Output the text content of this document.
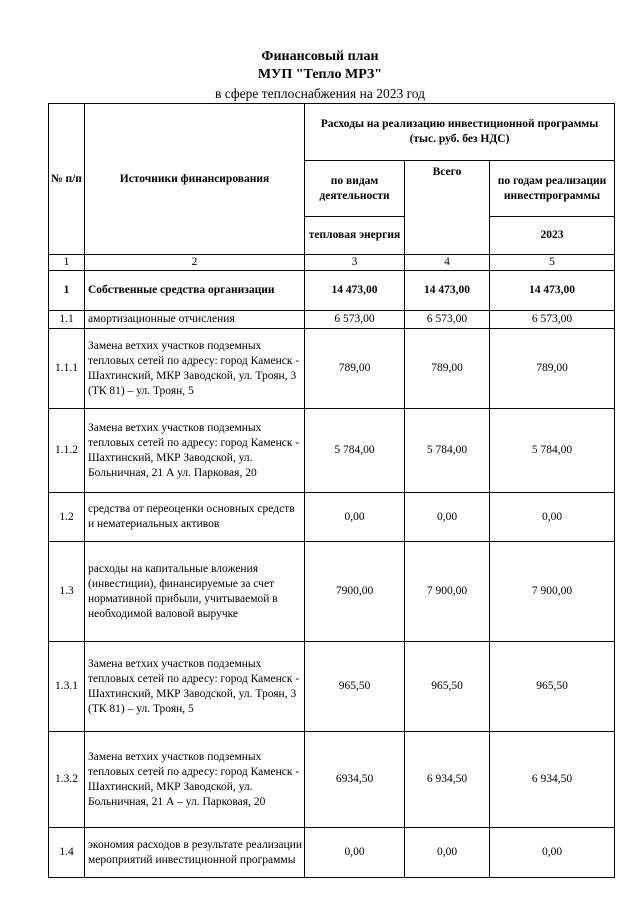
Финансовый план
МУП "Тепло МРЗ"
в сфере теплоснабжения на 2023 год
№ п/п	Источники финансирования	Расходы на реализацию инвестиционной программы (тыс. руб. без НДС)		
		по видам деятельности	Всего	по годам реализации инвестпрограммы
		тепловая энергия		2023
1	2	3	4	5
1	Собственные средства организации	14 473,00	14 473,00	14 473,00
1.1	амортизационные отчисления	6 573,00	6 573,00	6 573,00
1.1.1	Замена ветхих участков подземных тепловых сетей по адресу: город Каменск - Шахтинский, МКР Заводской, ул. Троян, 3 (ТК 81) – ул. Троян, 5	789,00	789,00	789,00
1.1.2	Замена ветхих участков подземных тепловых сетей по адресу: город Каменск - Шахтинский, МКР Заводской, ул. Больничная, 21 А ул. Парковая, 20	5 784,00	5 784,00	5 784,00
1.2	средства от переоценки основных средств и нематериальных активов	0,00	0,00	0,00
1.3	расходы на капитальные вложения (инвестиции), финансируемые за счет нормативной прибыли, учитываемой в необходимой валовой выручке	7900,00	7 900,00	7 900,00
1.3.1	Замена ветхих участков подземных тепловых сетей по адресу: город Каменск - Шахтинский, МКР Заводской, ул. Троян, 3 (ТК 81) – ул. Троян, 5	965,50	965,50	965,50
1.3.2	Замена ветхих участков подземных тепловых сетей по адресу: город Каменск - Шахтинский, МКР Заводской, ул. Больничная, 21 А – ул. Парковая, 20	6934,50	6 934,50	6 934,50
1.4	экономия расходов в результате реализации мероприятий инвестиционной программы	0,00	0,00	0,00
